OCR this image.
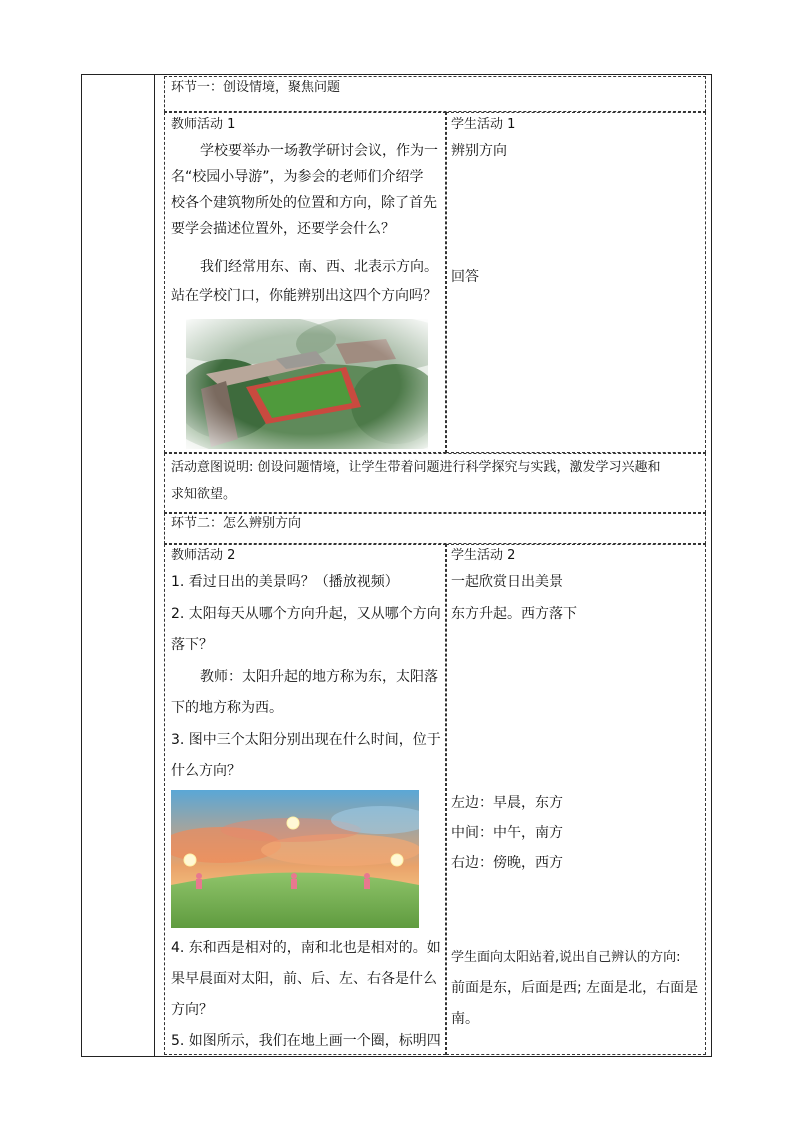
环节一：创设情境，聚焦问题
教师活动 1
学校要举办一场教学研讨会议，作为一
名“校园小导游”，为参会的老师们介绍学
校各个建筑物所处的位置和方向，除了首先
要学会描述位置外，还要学会什么？
我们经常用东、南、西、北表示方向。
站在学校门口，你能辨别出这四个方向吗？
辨别方向
回答
学生活动 1
活动意图说明: 创设问题情境，让学生带着问题进行科学探究与实践，激发学习兴趣和
求知欲望。
环节二：怎么辨别方向
教师活动 2
1. 看过日出的美景吗？（播放视频）
2. 太阳每天从哪个方向升起，又从哪个方向
落下？
教师：太阳升起的地方称为东，太阳落
下的地方称为西。
3. 图中三个太阳分别出现在什么时间，位于
什么方向？
4. 东和西是相对的，南和北也是相对的。如
果早晨面对太阳，前、后、左、右各是什么
方向？
5. 如图所示，我们在地上画一个圈，标明四
学生活动 2
一起欣赏日出美景
东方升起。西方落下
左边：早晨，东方
中间：中午，南方
右边：傍晚，西方
学生面向太阳站着,说出自己辨认的方向:
前面是东，后面是西; 左面是北，右面是
南。
